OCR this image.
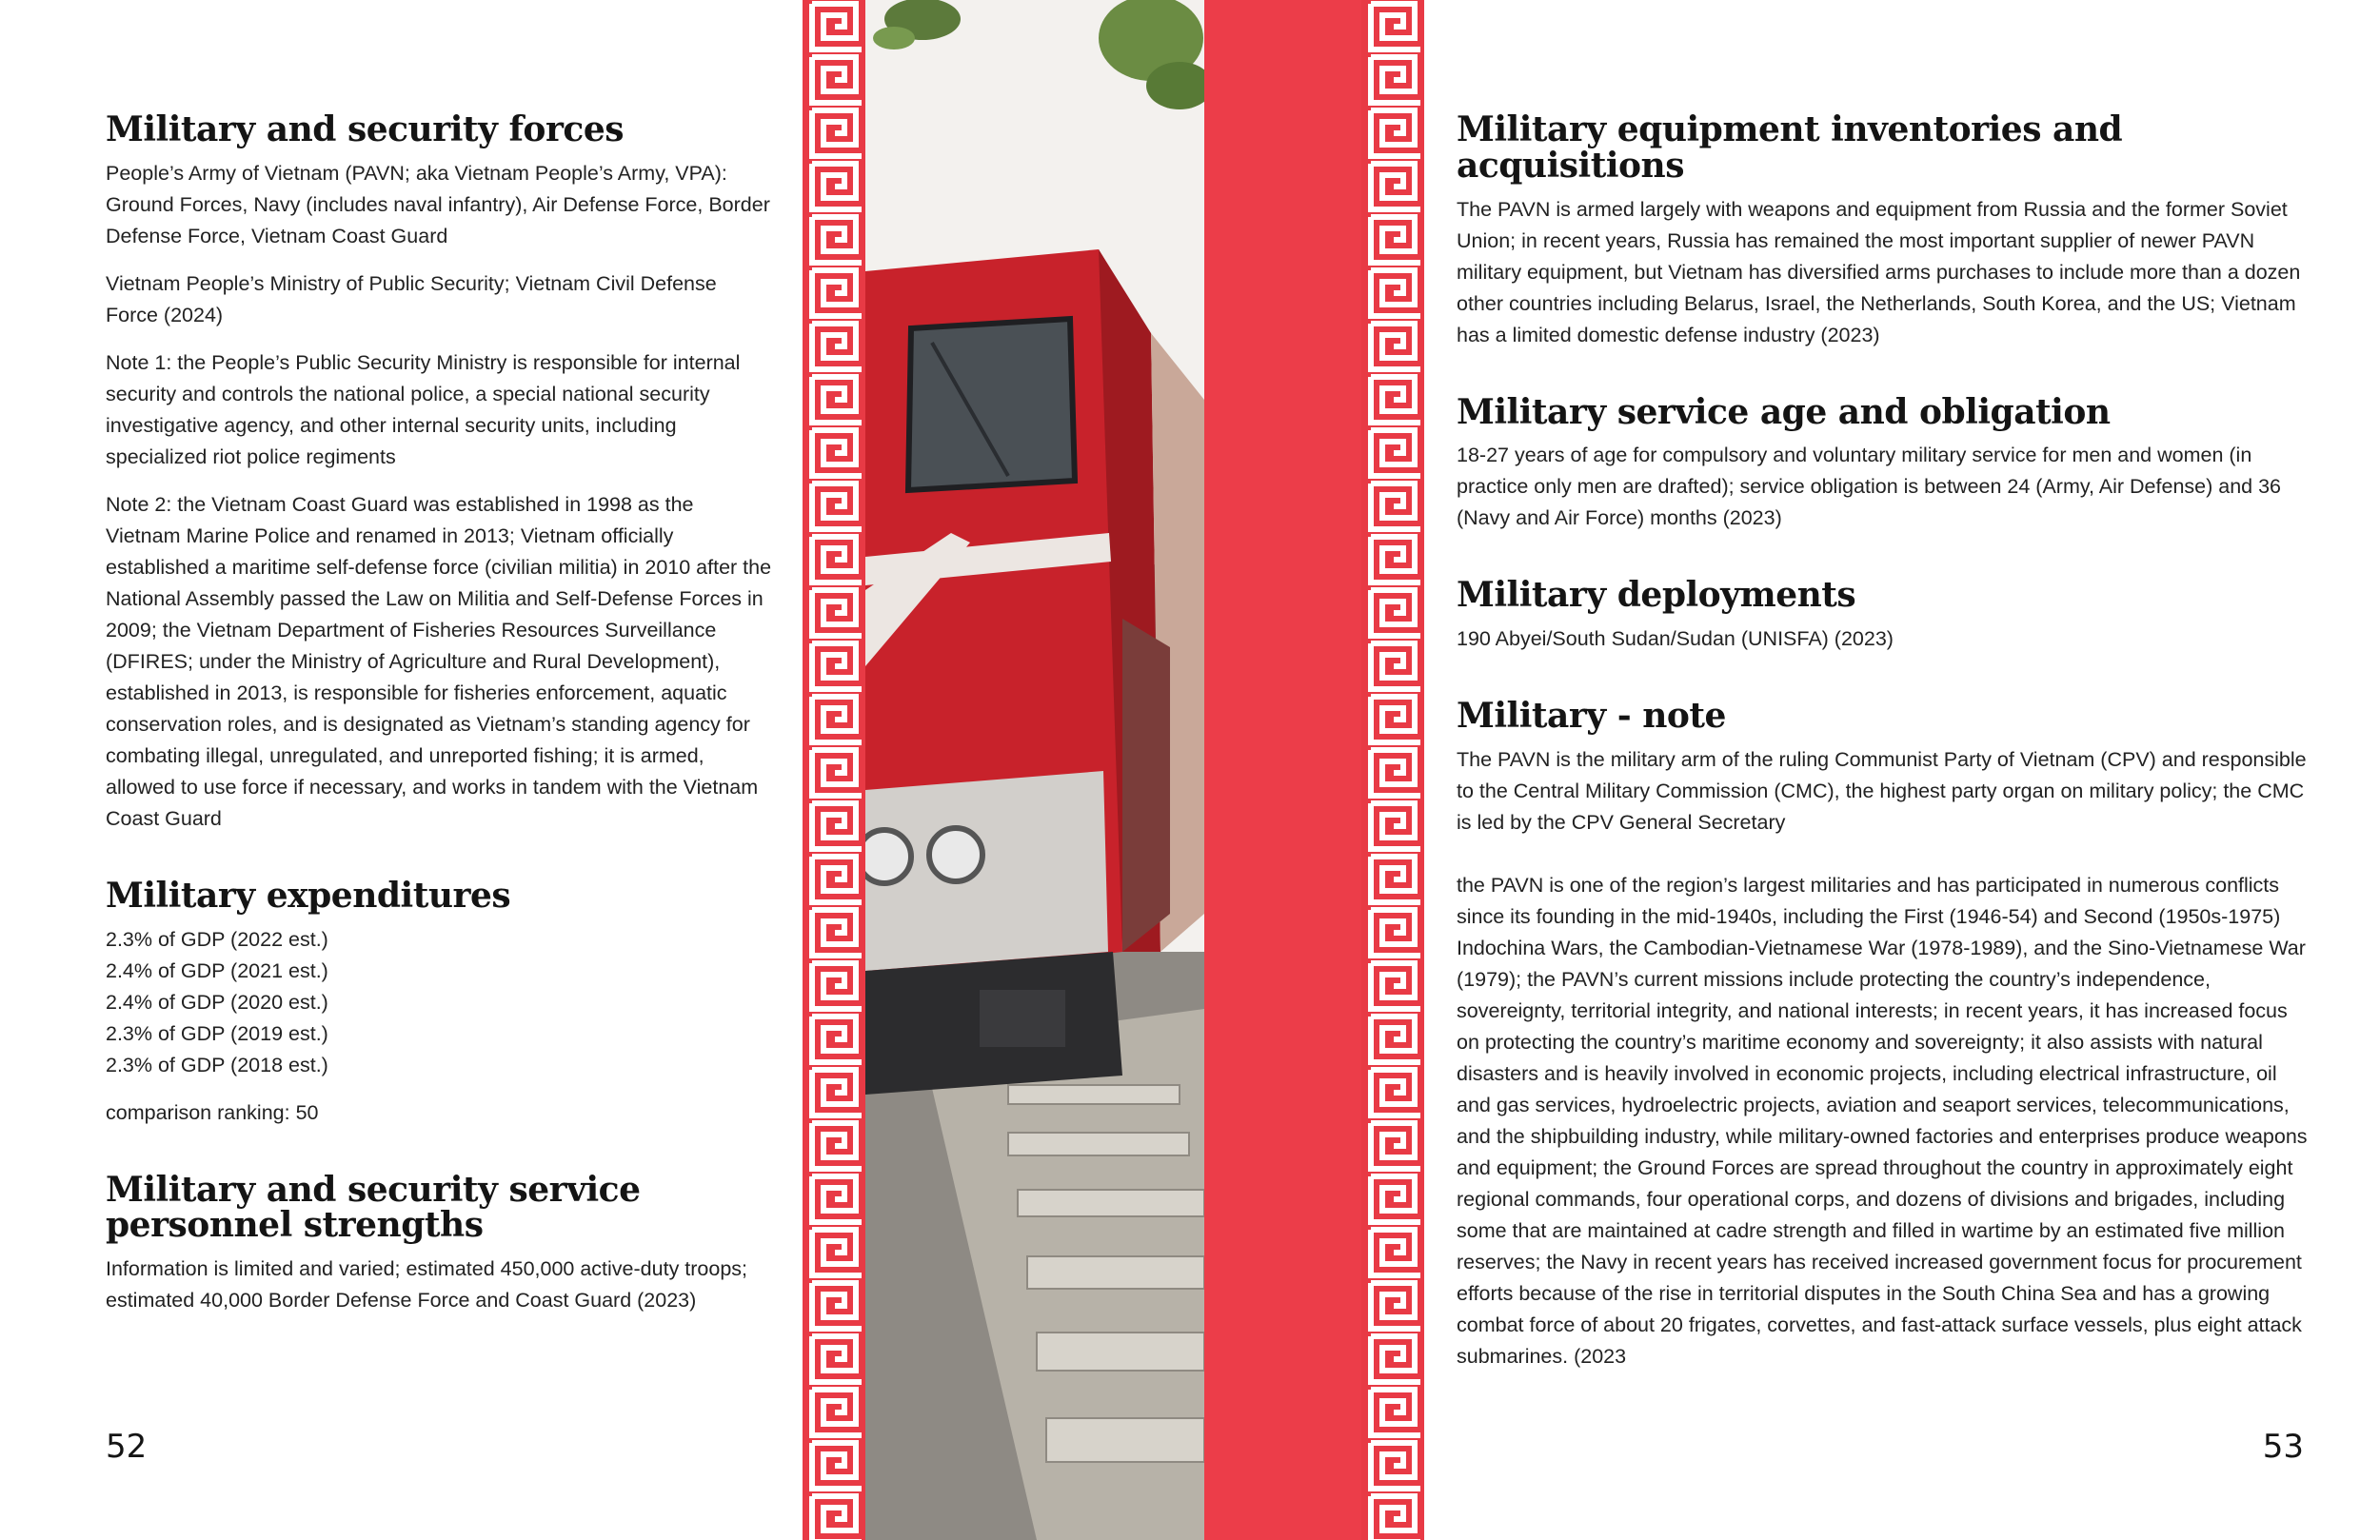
Military and security forces

People’s Army of Vietnam (PAVN; aka Vietnam People’s Army, VPA): Ground Forces, Navy (includes naval infantry), Air Defense Force, Border Defense Force, Vietnam Coast Guard

Vietnam People’s Ministry of Public Security; Vietnam Civil Defense Force (2024)

Note 1: the People’s Public Security Ministry is responsible for internal security and controls the national police, a special national security investigative agency, and other internal security units, including specialized riot police regiments

Note 2: the Vietnam Coast Guard was established in 1998 as the Vietnam Marine Police and renamed in 2013; Vietnam officially established a maritime self-defense force (civilian militia) in 2010 after the National Assembly passed the Law on Militia and Self-Defense Forces in 2009; the Vietnam Department of Fisheries Resources Surveillance (DFIRES; under the Ministry of Agriculture and Rural Development), established in 2013, is responsible for fisheries enforcement, aquatic conservation roles, and is designated as Vietnam’s standing agency for combating illegal, unregulated, and unreported fishing; it is armed, allowed to use force if necessary, and works in tandem with the Vietnam Coast Guard

Military expenditures

2.3% of GDP (2022 est.)

2.4% of GDP (2021 est.)

2.4% of GDP (2020 est.)

2.3% of GDP (2019 est.)

2.3% of GDP (2018 est.)

comparison ranking: 50

Military and security service personnel strengths

Information is limited and varied; estimated 450,000 active-duty troops; estimated 40,000 Border Defense Force and Coast Guard (2023)

52
Military equipment inventories and acquisitions

The PAVN is armed largely with weapons and equipment from Russia and the former Soviet Union; in recent years, Russia has remained the most important supplier of newer PAVN military equipment, but Vietnam has diversified arms purchases to include more than a dozen other countries including Belarus, Israel, the Netherlands, South Korea, and the US; Vietnam has a limited domestic defense industry (2023)

Military service age and obligation

18-27 years of age for compulsory and voluntary military service for men and women (in practice only men are drafted); service obligation is between 24 (Army, Air Defense) and 36 (Navy and Air Force) months (2023)

Military deployments

190 Abyei/South Sudan/Sudan (UNISFA) (2023)

Military - note

The PAVN is the military arm of the ruling Communist Party of Vietnam (CPV) and responsible to the Central Military Commission (CMC), the highest party organ on military policy; the CMC is led by the CPV General Secretary

the PAVN is one of the region’s largest militaries and has participated in numerous conflicts since its founding in the mid-1940s, including the First (1946-54) and Second (1950s-1975) Indochina Wars, the Cambodian-Vietnamese War (1978-1989), and the Sino-Vietnamese War (1979); the PAVN’s current missions include protecting the country’s independence, sovereignty, territorial integrity, and national interests; in recent years, it has increased focus on protecting the country’s maritime economy and sovereignty; it also assists with natural disasters and is heavily involved in economic projects, including electrical infrastructure, oil and gas services, hydroelectric projects, aviation and seaport services, telecommunications, and the shipbuilding industry, while military-owned factories and enterprises produce weapons and equipment; the Ground Forces are spread throughout the country in approximately eight regional commands, four operational corps, and dozens of divisions and brigades, including some that are maintained at cadre strength and filled in wartime by an estimated five million reserves; the Navy in recent years has received increased government focus for procurement efforts because of the rise in territorial disputes in the South China Sea and has a growing combat force of about 20 frigates, corvettes, and fast-attack surface vessels, plus eight attack submarines. (2023

53
